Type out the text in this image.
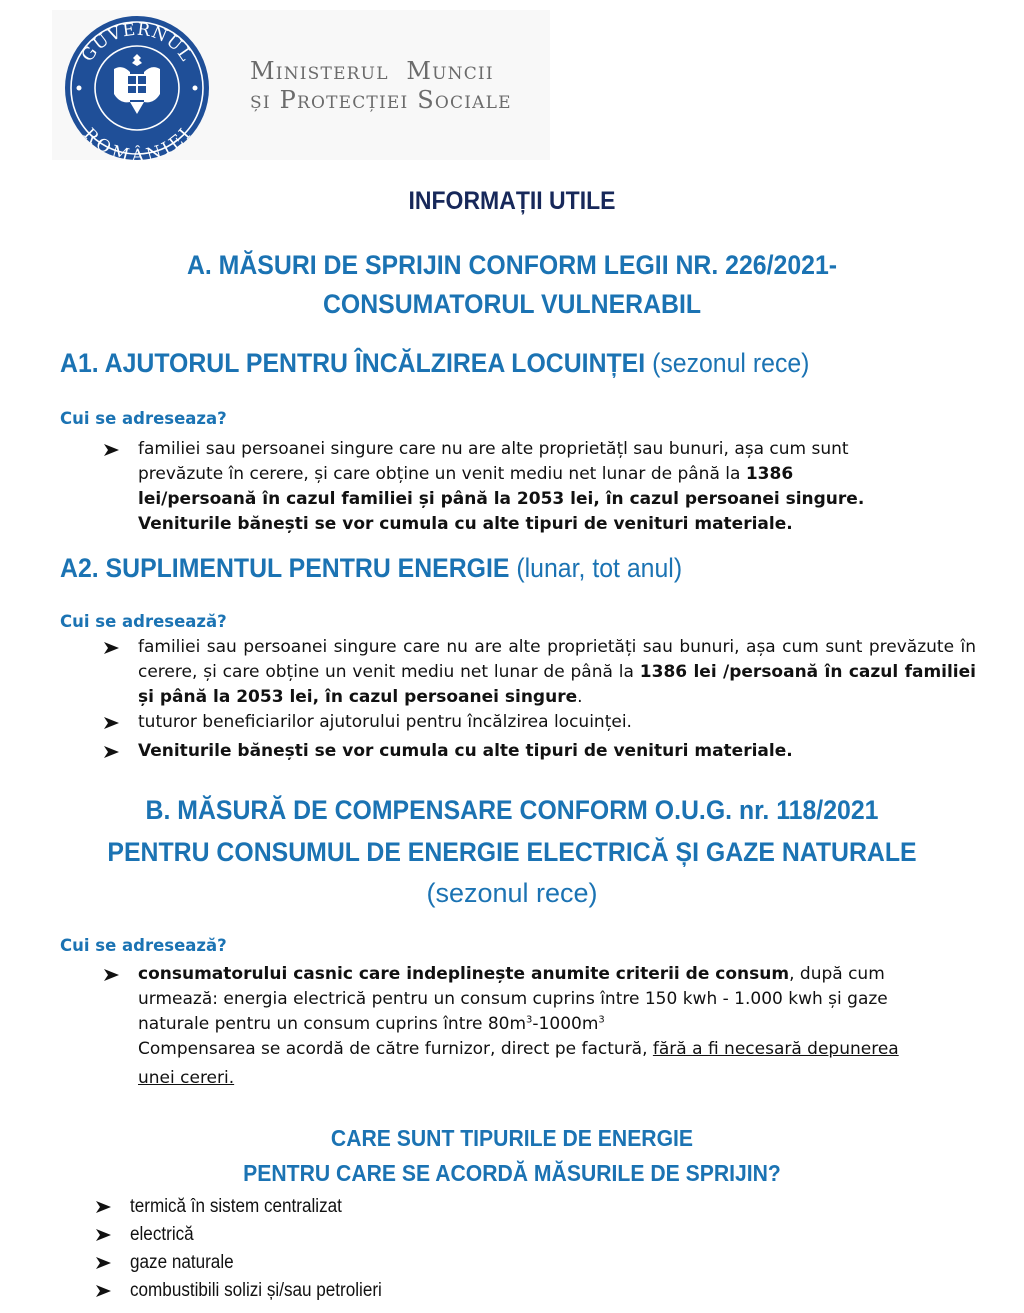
GUVERNUL
ROMÂNIEI
Ministerul  Muncii
și Protecției Sociale
INFORMAȚII UTILE
A. MĂSURI DE SPRIJIN CONFORM LEGII NR. 226/2021-
CONSUMATORUL VULNERABIL
A1. AJUTORUL PENTRU ÎNCĂLZIREA LOCUINȚEI (sezonul rece)
Cui se adreseaza?
familiei sau persoanei singure care nu are alte proprietățl sau bunuri, așa cum sunt
prevăzute în cerere, și care obține un venit mediu net lunar de până la 1386
lei/persoană în cazul familiei și până la 2053 lei, în cazul persoanei singure.
Veniturile bănești se vor cumula cu alte tipuri de venituri materiale.
A2. SUPLIMENTUL PENTRU ENERGIE (lunar, tot anul)
Cui se adresează?
familiei sau persoanei singure care nu are alte proprietăți sau bunuri, așa cum sunt prevăzute în cerere, și care obține un venit mediu net lunar de până la 1386 lei /persoană în cazul familiei și până la 2053 lei, în cazul persoanei singure.
tuturor beneficiarilor ajutorului pentru încălzirea locuinței.
Veniturile bănești se vor cumula cu alte tipuri de venituri materiale.
B. MĂSURĂ DE COMPENSARE CONFORM O.U.G. nr. 118/2021
PENTRU CONSUMUL DE ENERGIE ELECTRICĂ ȘI GAZE NATURALE
(sezonul rece)
Cui se adresează?
consumatorului casnic care indeplinește anumite criterii de consum, după cum
urmează: energia electrică pentru un consum cuprins între 150 kwh - 1.000 kwh și gaze
naturale pentru un consum cuprins între $80m^3-1000m^3$
Compensarea se acordă de către furnizor, direct pe factură, fără a fi necesară depunerea
unei cereri.
CARE SUNT TIPURILE DE ENERGIE
PENTRU CARE SE ACORDĂ MĂSURILE DE SPRIJIN?
termică în sistem centralizat
electrică
gaze naturale
combustibili solizi și/sau petrolieri
